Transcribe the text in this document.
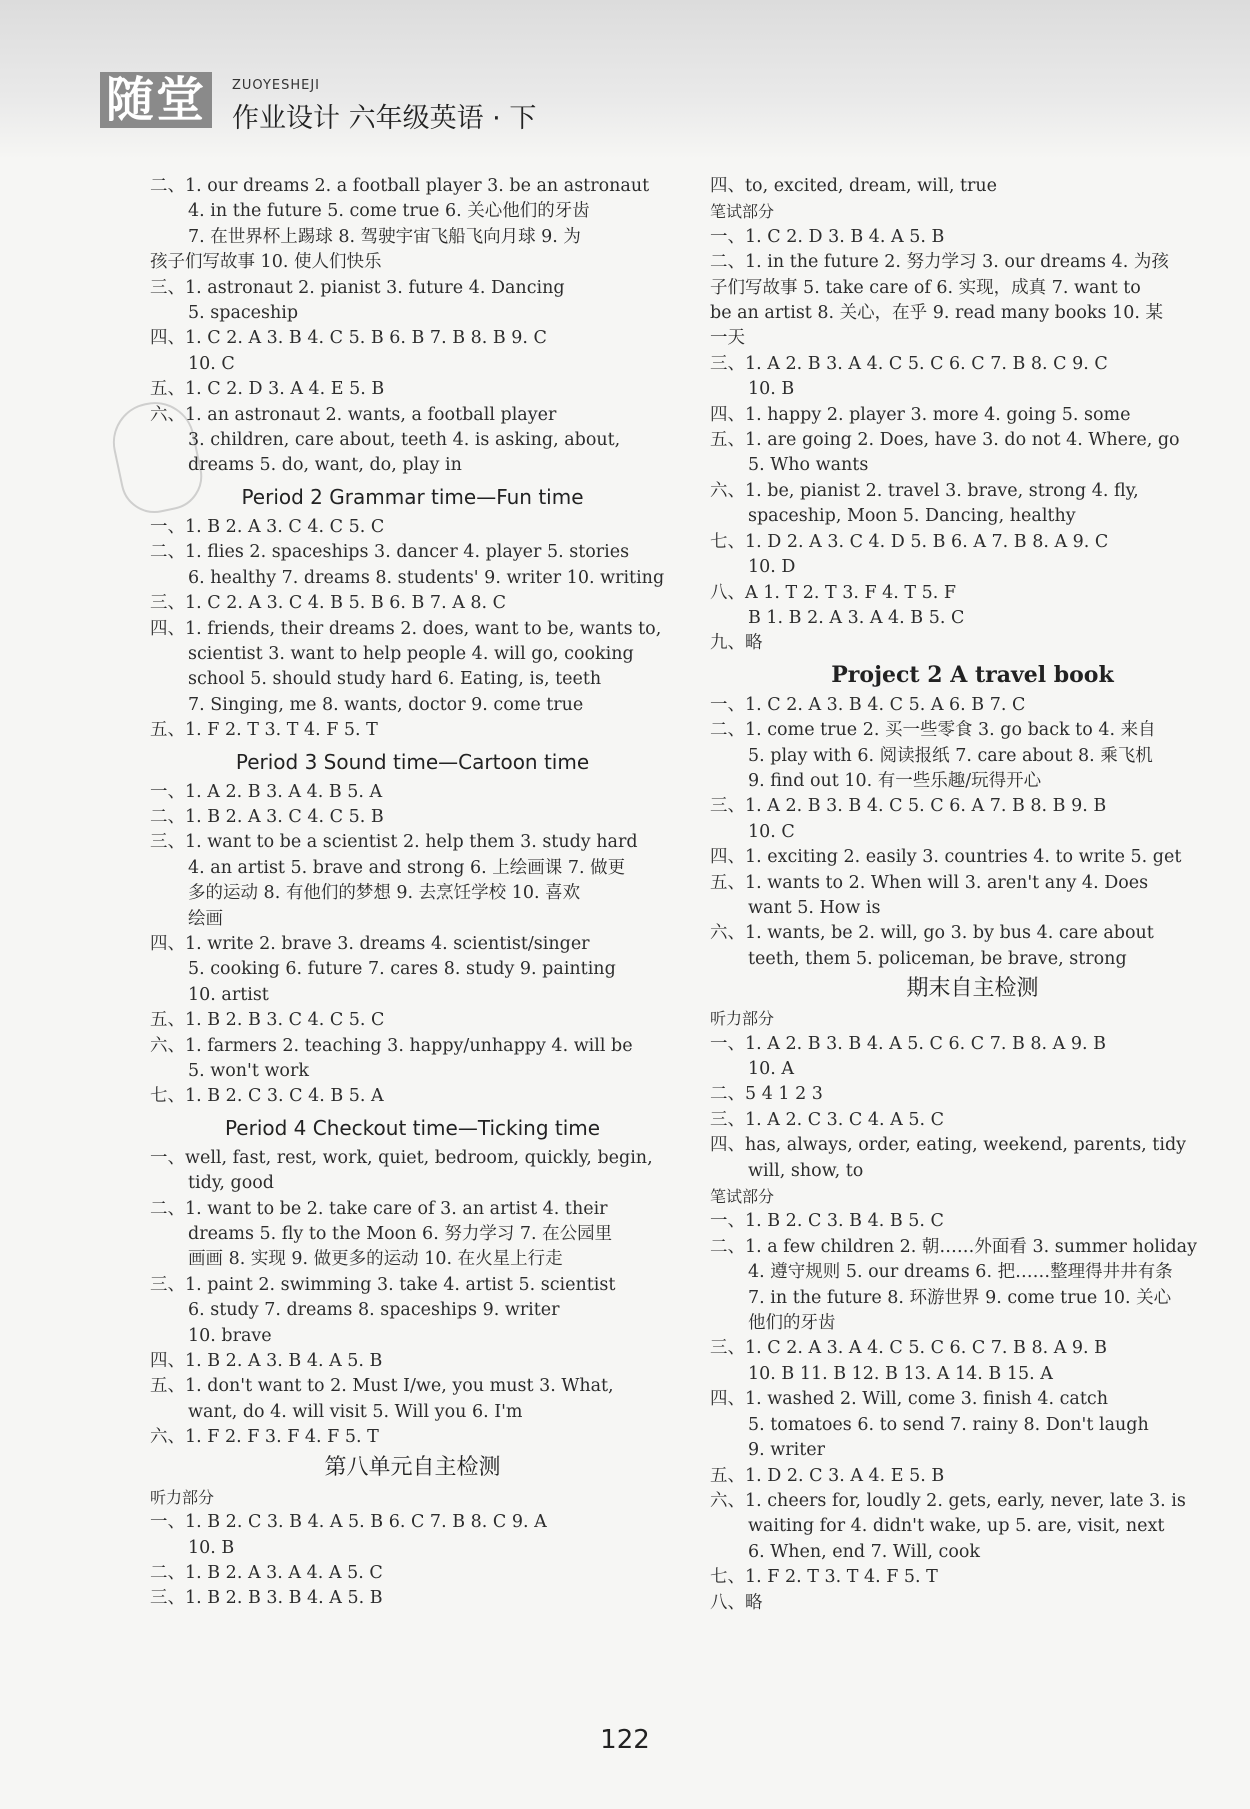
随堂	ZUOYESHEJI
作业设计 六年级英语 · 下
二、1. our dreams 2. a football player 3. be an astronaut
4. in the future 5. come true 6. 关心他们的牙齿
7. 在世界杯上踢球 8. 驾驶宇宙飞船飞向月球 9. 为
孩子们写故事 10. 使人们快乐
三、1. astronaut 2. pianist 3. future 4. Dancing
5. spaceship
四、1. C 2. A 3. B 4. C 5. B 6. B 7. B 8. B 9. C
10. C
五、1. C 2. D 3. A 4. E 5. B
六、1. an astronaut 2. wants, a football player
3. children, care about, teeth 4. is asking, about,
dreams 5. do, want, do, play in
Period 2 Grammar time—Fun time
一、1. B 2. A 3. C 4. C 5. C
二、1. flies 2. spaceships 3. dancer 4. player 5. stories
6. healthy 7. dreams 8. students' 9. writer 10. writing
三、1. C 2. A 3. C 4. B 5. B 6. B 7. A 8. C
四、1. friends, their dreams 2. does, want to be, wants to,
scientist 3. want to help people 4. will go, cooking
school 5. should study hard 6. Eating, is, teeth
7. Singing, me 8. wants, doctor 9. come true
五、1. F 2. T 3. T 4. F 5. T
Period 3 Sound time—Cartoon time
一、1. A 2. B 3. A 4. B 5. A
二、1. B 2. A 3. C 4. C 5. B
三、1. want to be a scientist 2. help them 3. study hard
4. an artist 5. brave and strong 6. 上绘画课 7. 做更
多的运动 8. 有他们的梦想 9. 去烹饪学校 10. 喜欢
绘画
四、1. write 2. brave 3. dreams 4. scientist/singer
5. cooking 6. future 7. cares 8. study 9. painting
10. artist
五、1. B 2. B 3. C 4. C 5. C
六、1. farmers 2. teaching 3. happy/unhappy 4. will be
5. won't work
七、1. B 2. C 3. C 4. B 5. A
Period 4 Checkout time—Ticking time
一、well, fast, rest, work, quiet, bedroom, quickly, begin,
tidy, good
二、1. want to be 2. take care of 3. an artist 4. their
dreams 5. fly to the Moon 6. 努力学习 7. 在公园里
画画 8. 实现 9. 做更多的运动 10. 在火星上行走
三、1. paint 2. swimming 3. take 4. artist 5. scientist
6. study 7. dreams 8. spaceships 9. writer
10. brave
四、1. B 2. A 3. B 4. A 5. B
五、1. don't want to 2. Must I/we, you must 3. What,
want, do 4. will visit 5. Will you 6. I'm
六、1. F 2. F 3. F 4. F 5. T
第八单元自主检测
听力部分
一、1. B 2. C 3. B 4. A 5. B 6. C 7. B 8. C 9. A
10. B
二、1. B 2. A 3. A 4. A 5. C
三、1. B 2. B 3. B 4. A 5. B
四、to, excited, dream, will, true
笔试部分
一、1. C 2. D 3. B 4. A 5. B
二、1. in the future 2. 努力学习 3. our dreams 4. 为孩
子们写故事 5. take care of 6. 实现，成真 7. want to
be an artist 8. 关心，在乎 9. read many books 10. 某
一天
三、1. A 2. B 3. A 4. C 5. C 6. C 7. B 8. C 9. C
10. B
四、1. happy 2. player 3. more 4. going 5. some
五、1. are going 2. Does, have 3. do not 4. Where, go
5. Who wants
六、1. be, pianist 2. travel 3. brave, strong 4. fly,
spaceship, Moon 5. Dancing, healthy
七、1. D 2. A 3. C 4. D 5. B 6. A 7. B 8. A 9. C
10. D
八、A 1. T 2. T 3. F 4. T 5. F
B 1. B 2. A 3. A 4. B 5. C
九、略
Project 2 A travel book
一、1. C 2. A 3. B 4. C 5. A 6. B 7. C
二、1. come true 2. 买一些零食 3. go back to 4. 来自
5. play with 6. 阅读报纸 7. care about 8. 乘飞机
9. find out 10. 有一些乐趣/玩得开心
三、1. A 2. B 3. B 4. C 5. C 6. A 7. B 8. B 9. B
10. C
四、1. exciting 2. easily 3. countries 4. to write 5. get
五、1. wants to 2. When will 3. aren't any 4. Does
want 5. How is
六、1. wants, be 2. will, go 3. by bus 4. care about
teeth, them 5. policeman, be brave, strong
期末自主检测
听力部分
一、1. A 2. B 3. B 4. A 5. C 6. C 7. B 8. A 9. B
10. A
二、5 4 1 2 3
三、1. A 2. C 3. C 4. A 5. C
四、has, always, order, eating, weekend, parents, tidy
will, show, to
笔试部分
一、1. B 2. C 3. B 4. B 5. C
二、1. a few children 2. 朝……外面看 3. summer holiday
4. 遵守规则 5. our dreams 6. 把……整理得井井有条
7. in the future 8. 环游世界 9. come true 10. 关心
他们的牙齿
三、1. C 2. A 3. A 4. C 5. C 6. C 7. B 8. A 9. B
10. B 11. B 12. B 13. A 14. B 15. A
四、1. washed 2. Will, come 3. finish 4. catch
5. tomatoes 6. to send 7. rainy 8. Don't laugh
9. writer
五、1. D 2. C 3. A 4. E 5. B
六、1. cheers for, loudly 2. gets, early, never, late 3. is
waiting for 4. didn't wake, up 5. are, visit, next
6. When, end 7. Will, cook
七、1. F 2. T 3. T 4. F 5. T
八、略
122
